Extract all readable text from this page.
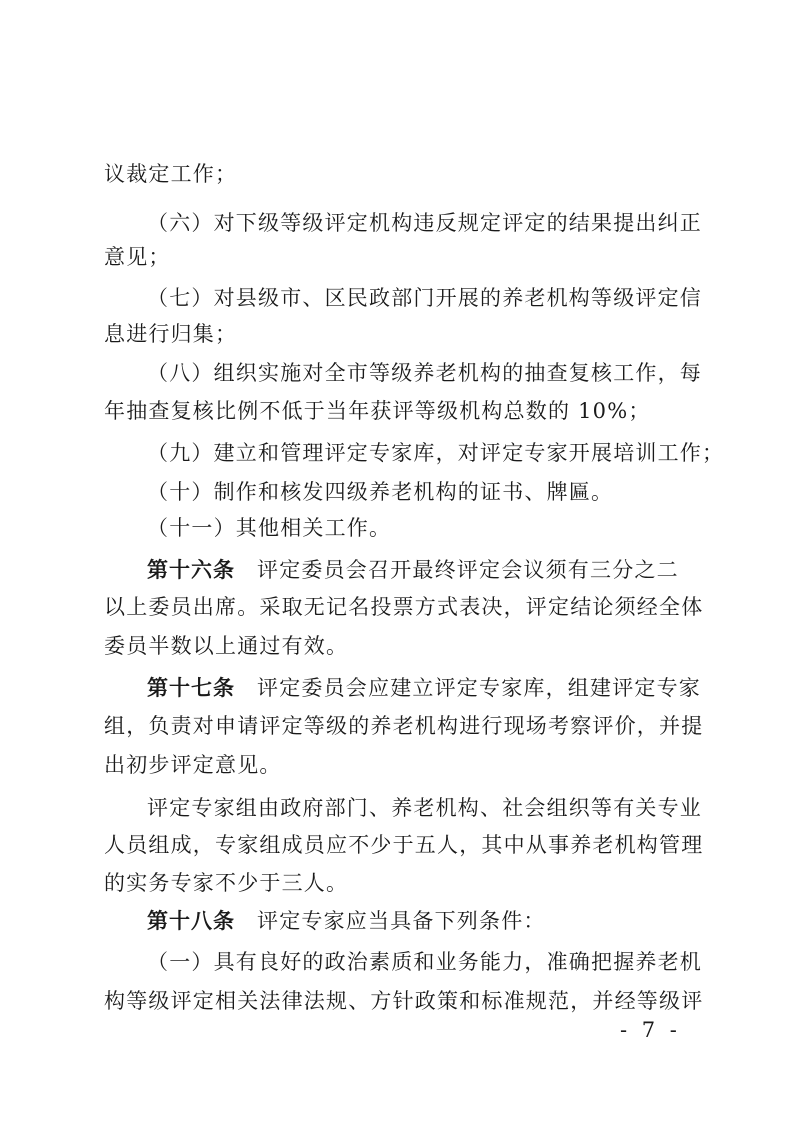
议裁定工作；
（六）对下级等级评定机构违反规定评定的结果提出纠正
意见；
（七）对县级市、区民政部门开展的养老机构等级评定信
息进行归集；
（八）组织实施对全市等级养老机构的抽查复核工作，每
年抽查复核比例不低于当年获评等级机构总数的 10%；
（九）建立和管理评定专家库，对评定专家开展培训工作；
（十）制作和核发四级养老机构的证书、牌匾。
（十一）其他相关工作。
第十六条 评定委员会召开最终评定会议须有三分之二
以上委员出席。采取无记名投票方式表决，评定结论须经全体
委员半数以上通过有效。
第十七条 评定委员会应建立评定专家库，组建评定专家
组，负责对申请评定等级的养老机构进行现场考察评价，并提
出初步评定意见。
评定专家组由政府部门、养老机构、社会组织等有关专业
人员组成，专家组成员应不少于五人，其中从事养老机构管理
的实务专家不少于三人。
第十八条 评定专家应当具备下列条件：
（一）具有良好的政治素质和业务能力，准确把握养老机
构等级评定相关法律法规、方针政策和标准规范，并经等级评
- 7 -
